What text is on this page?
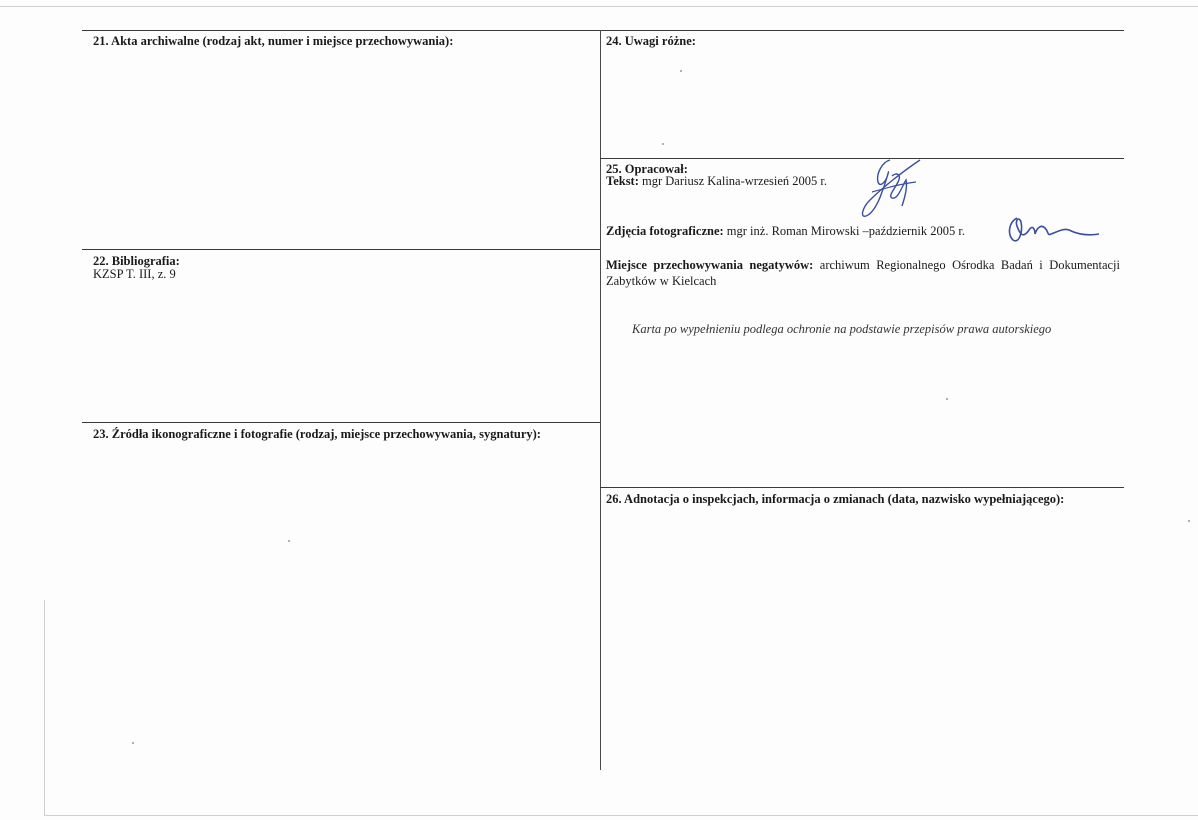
21. Akta archiwalne (rodzaj akt, numer i miejsce przechowywania):
22. Bibliografia:
KZSP T. III, z. 9
23. Źródła ikonograficzne i fotografie (rodzaj, miejsce przechowywania, sygnatury):
24. Uwagi różne:
25. Opracował:
Tekst: mgr Dariusz Kalina-wrzesień 2005 r.
Zdjęcia fotograficzne: mgr inż. Roman Mirowski –październik 2005 r.
Miejsce przechowywania negatywów: archiwum Regionalnego Ośrodka Badań i Dokumentacji Zabytków w Kielcach
Karta po wypełnieniu podlega ochronie na podstawie przepisów prawa autorskiego
26. Adnotacja o inspekcjach, informacja o zmianach (data, nazwisko wypełniającego):
